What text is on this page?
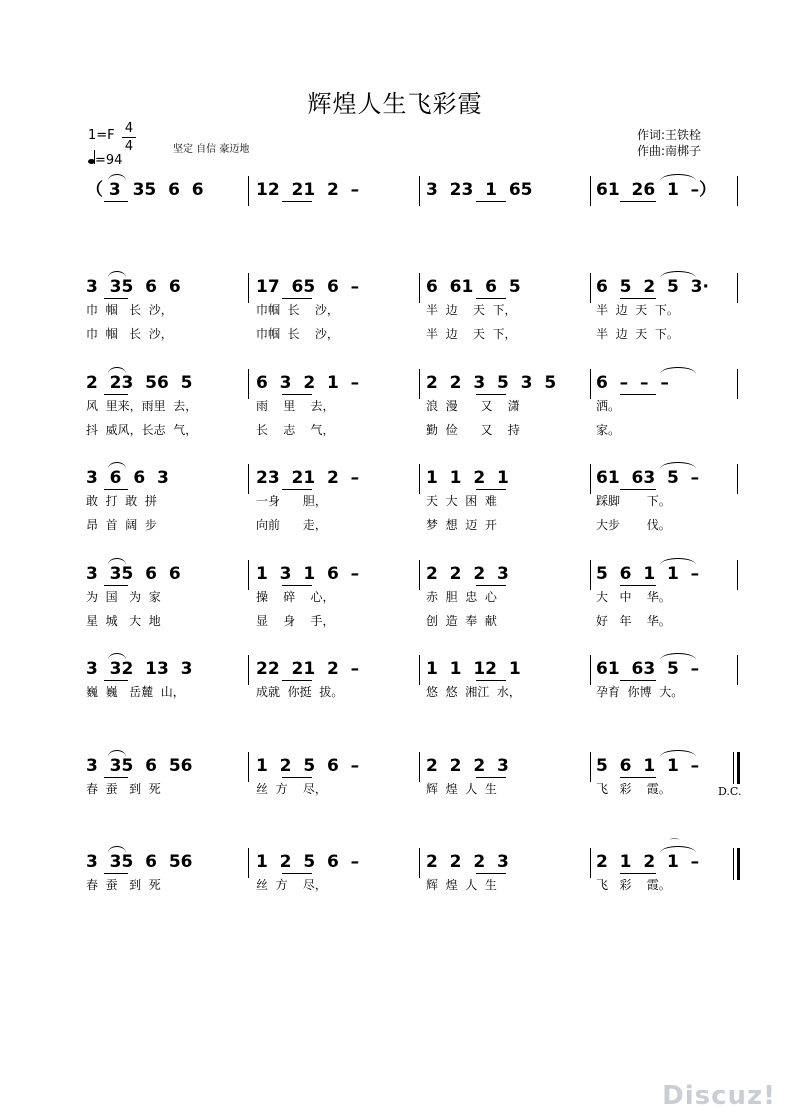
辉煌人生飞彩霞
1=F 4
4
=94
坚定 自信 豪迈地
作词:王铁栓
作曲:南梆子
（ 3  35  6  6	12  21  2  –	3  23  1  65	61  26  1  –）
3  35  6  6	17  65  6  –	6  61  6  5	6  5  2  5  3·
巾  帼   长  沙，	巾帼  长    沙，	半  边    天  下，	半  边  天  下。
巾  帼   长  沙，	巾帼  长    沙，	半  边    天  下，	半  边  天  下。
2  23  56  5	6  3  2  1  –	2  2  3  5  3  5 6  –  –  –
风  里来，雨里  去，	雨    里    去，	浪  漫      又    潇	洒。
抖  威风，长志  气，	长    志    气，	勤  俭      又    持	家。
3  6  6  3	23  21  2  –	1  1  2  1	61  63  5  –
敢  打  敢  拼	一身      胆，	天  大  困  难	踩脚       下。
昂  首  阔  步	向前      走，	梦  想  迈  开	大步       伐。
3  35  6  6	1  3  1  6  –	2  2  2  3	5  6  1  1  –
为  国   为  家	操    碎    心，	赤  胆  忠  心	大   中    华。
星  城   大  地	显    身    手，	创  造  奉  献	好   年    华。
3  32  13  3	22  21  2  –	1  1  12  1	61  63  5  –
巍  巍   岳麓  山，	成就  你挺  拔。	悠  悠  湘江  水，	孕育  你博  大。
3  35  6  56	1  2  5  6  –	2  2  2  3	5  6  1  1  –
春  蚕   到  死	丝  方    尽，	辉  煌  人  生	飞   彩    霞。
3  35  6  56	1  2  5  6  –	2  2  2  3	2  1  2  1  –
春  蚕   到  死	丝  方    尽，	辉  煌  人  生	飞   彩    霞。
D.C.
⌒
Discuz!
